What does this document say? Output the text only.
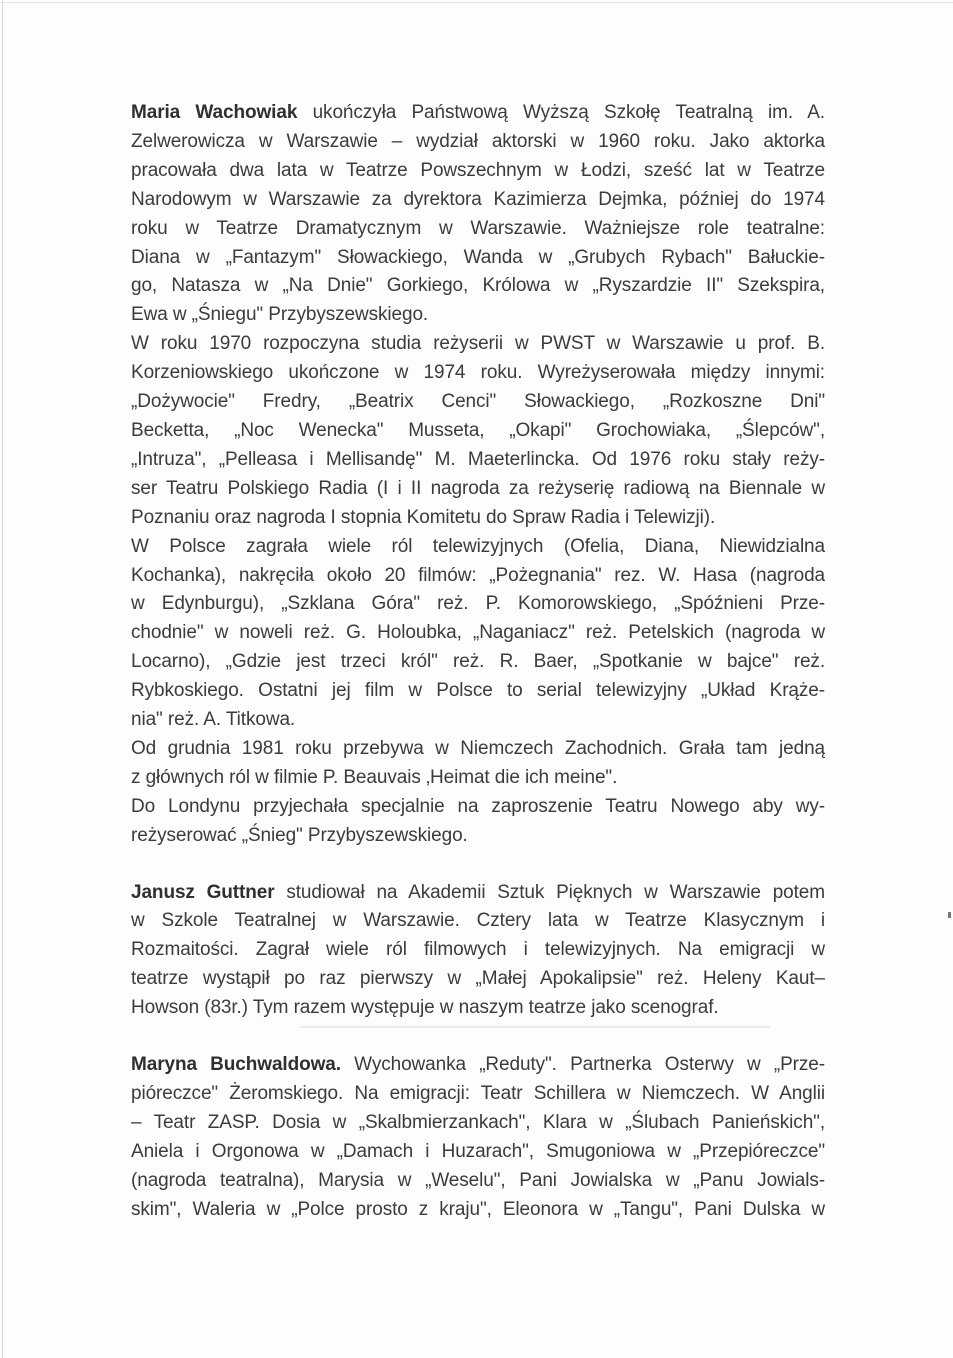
Maria Wachowiak ukończyła Państwową Wyższą Szkołę Teatralną im. A.
Zelwerowicza w Warszawie – wydział aktorski w 1960 roku. Jako aktorka
pracowała dwa lata w Teatrze Powszechnym w Łodzi, sześć lat w Teatrze
Narodowym w Warszawie za dyrektora Kazimierza Dejmka, później do 1974
roku w Teatrze Dramatycznym w Warszawie. Ważniejsze role teatralne:
Diana w „Fantazym" Słowackiego, Wanda w „Grubych Rybach" Bałuckie-
go, Natasza w „Na Dnie" Gorkiego, Królowa w „Ryszardzie II" Szekspira,
Ewa w „Śniegu" Przybyszewskiego.
W roku 1970 rozpoczyna studia reżyserii w PWST w Warszawie u prof. B.
Korzeniowskiego ukończone w 1974 roku. Wyreżyserowała między innymi:
„Dożywocie" Fredry, „Beatrix Cenci" Słowackiego, „Rozkoszne Dni"
Becketta, „Noc Wenecka" Musseta, „Okapi" Grochowiaka, „Ślepców",
„Intruza", „Pelleasa i Mellisandę" M. Maeterlincka. Od 1976 roku stały reży-
ser Teatru Polskiego Radia (I i II nagroda za reżyserię radiową na Biennale w
Poznaniu oraz nagroda I stopnia Komitetu do Spraw Radia i Telewizji).
W Polsce zagrała wiele ról telewizyjnych (Ofelia, Diana, Niewidzialna
Kochanka), nakręciła około 20 filmów: „Pożegnania" rez. W. Hasa (nagroda
w Edynburgu), „Szklana Góra" reż. P. Komorowskiego, „Spóźnieni Prze-
chodnie" w noweli reż. G. Holoubka, „Naganiacz" reż. Petelskich (nagroda w
Locarno), „Gdzie jest trzeci król" reż. R. Baer, „Spotkanie w bajce" reż.
Rybkoskiego. Ostatni jej film w Polsce to serial telewizyjny „Układ Krąże-
nia" reż. A. Titkowa.
Od grudnia 1981 roku przebywa w Niemczech Zachodnich. Grała tam jedną
z głównych ról w filmie P. Beauvais ‚Heimat die ich meine".
Do Londynu przyjechała specjalnie na zaproszenie Teatru Nowego aby wy-
reżyserować „Śnieg" Przybyszewskiego.
Janusz Guttner studiował na Akademii Sztuk Pięknych w Warszawie potem
w Szkole Teatralnej w Warszawie. Cztery lata w Teatrze Klasycznym i
Rozmaitości. Zagrał wiele ról filmowych i telewizyjnych. Na emigracji w
teatrze wystąpił po raz pierwszy w „Małej Apokalipsie" reż. Heleny Kaut–
Howson (83r.) Tym razem występuje w naszym teatrze jako scenograf.
Maryna Buchwaldowa. Wychowanka „Reduty". Partnerka Osterwy w „Prze-
pióreczce" Żeromskiego. Na emigracji: Teatr Schillera w Niemczech. W Anglii
– Teatr ZASP. Dosia w „Skalbmierzankach", Klara w „Ślubach Panieńskich",
Aniela i Orgonowa w „Damach i Huzarach", Smugoniowa w „Przepióreczce"
(nagroda teatralna), Marysia w „Weselu", Pani Jowialska w „Panu Jowials-
skim", Waleria w „Polce prosto z kraju", Eleonora w „Tangu", Pani Dulska w
